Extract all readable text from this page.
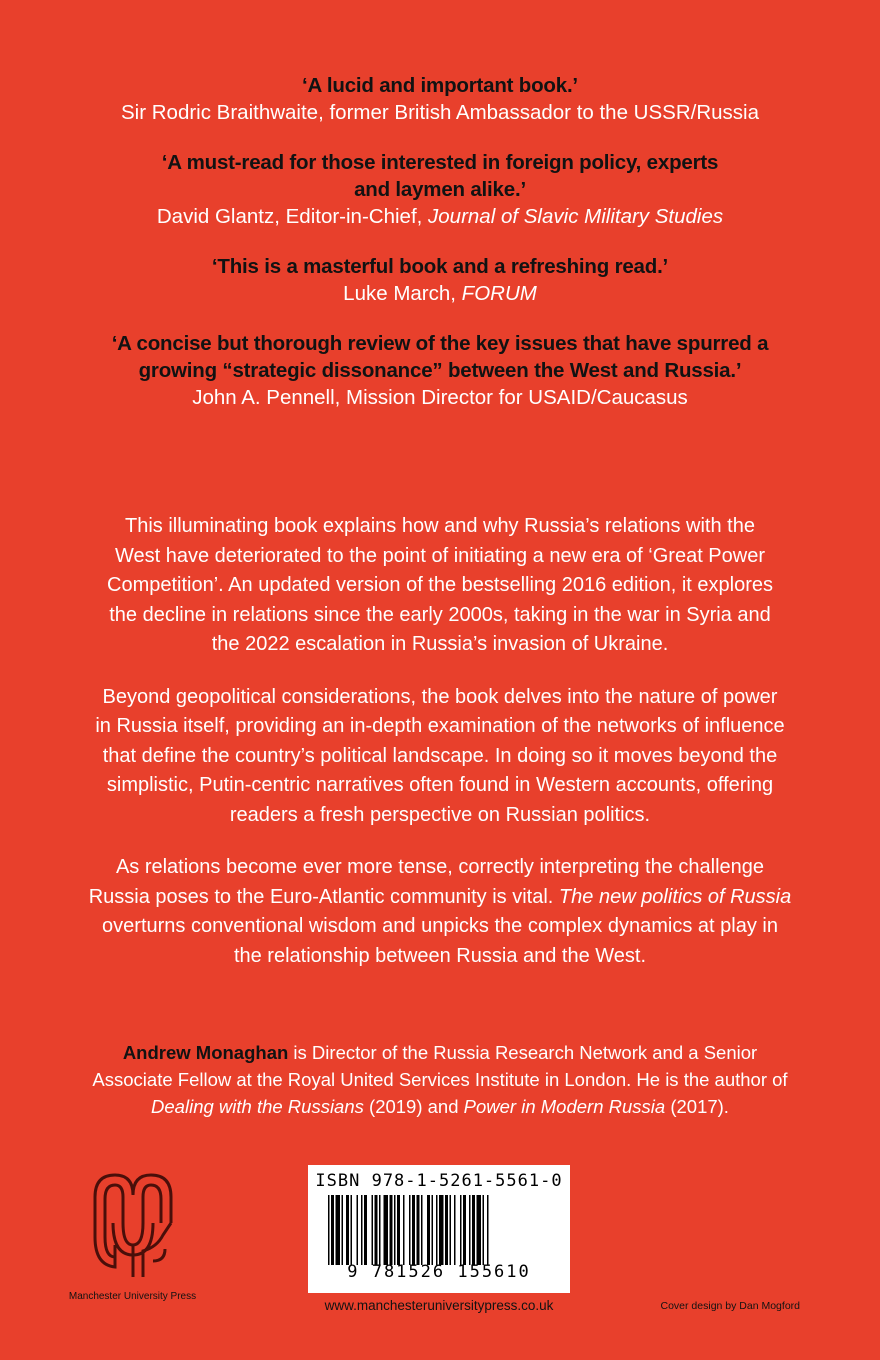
‘A lucid and important book.’
Sir Rodric Braithwaite, former British Ambassador to the USSR/Russia
‘A must-read for those interested in foreign policy, experts
and laymen alike.’
David Glantz, Editor-in-Chief, Journal of Slavic Military Studies
‘This is a masterful book and a refreshing read.’
Luke March, FORUM
‘A concise but thorough review of the key issues that have spurred a
growing “strategic dissonance” between the West and Russia.’
John A. Pennell, Mission Director for USAID/Caucasus

This illuminating book explains how and why Russia’s relations with the
West have deteriorated to the point of initiating a new era of ‘Great Power
Competition’. An updated version of the bestselling 2016 edition, it explores
the decline in relations since the early 2000s, taking in the war in Syria and
the 2022 escalation in Russia’s invasion of Ukraine.

Beyond geopolitical considerations, the book delves into the nature of power
in Russia itself, providing an in-depth examination of the networks of influence
that define the country’s political landscape. In doing so it moves beyond the
simplistic, Putin-centric narratives often found in Western accounts, offering
readers a fresh perspective on Russian politics.

As relations become ever more tense, correctly interpreting the challenge
Russia poses to the Euro-Atlantic community is vital. The new politics of Russia
overturns conventional wisdom and unpicks the complex dynamics at play in
the relationship between Russia and the West.

Andrew Monaghan is Director of the Russia Research Network and a Senior
Associate Fellow at the Royal United Services Institute in London. He is the author of
Dealing with the Russians (2019) and Power in Modern Russia (2017).
Manchester University Press
ISBN 978-1-5261-5561-0
9 781526 155610
www.manchesteruniversitypress.co.uk	Cover design by Dan Mogford
